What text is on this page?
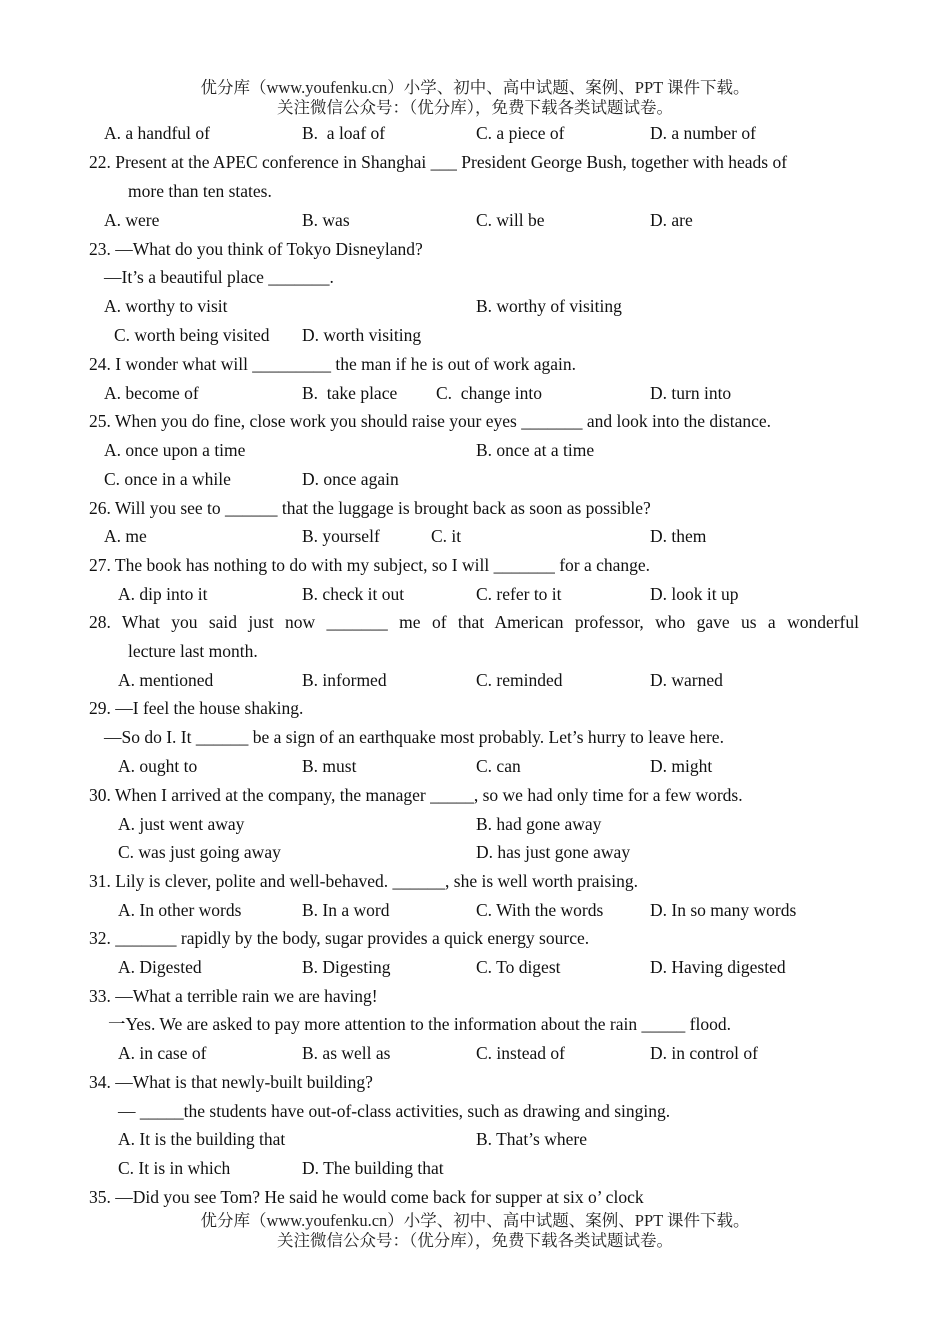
优分库（www.youfenku.cn）小学、初中、高中试题、案例、PPT 课件下载。
关注微信公众号：（优分库），免费下载各类试题试卷。
A. a handful of	B.  a loaf of	C. a piece of	D. a number of
22. Present at the APEC conference in Shanghai ___ President George Bush, together with heads of
more than ten states.
A. were	B. was	C. will be	D. are
23. —What do you think of Tokyo Disneyland?
—It’s a beautiful place _______.
A. worthy to visit	B. worthy of visiting
C. worth being visited D. worth visiting
24. I wonder what will _________ the man if he is out of work again.
A. become of	B.  take place C.  change into	D. turn into
25. When you do fine, close work you should raise your eyes _______ and look into the distance.
A. once upon a time	B. once at a time
C. once in a while	D. once again
26. Will you see to ______ that the luggage is brought back as soon as possible?
A. me	B. yourself	C. it	D. them
27. The book has nothing to do with my subject, so I will _______ for a change.
A. dip into it	B. check it out	C. refer to it	D. look it up
28. What you said just now _______ me of that American professor, who gave us a wonderful
lecture last month.
A. mentioned	B. informed	C. reminded	D. warned
29. —I feel the house shaking.
—So do I. It ______ be a sign of an earthquake most probably. Let’s hurry to leave here.
A. ought to	B. must	C. can	D. might
30. When I arrived at the company, the manager _____, so we had only time for a few words.
A. just went away	B. had gone away
C. was just going away	D. has just gone away
31. Lily is clever, polite and well-behaved. ______, she is well worth praising.
A. In other words	B. In a word	C. With the words	D. In so many words
32. _______ rapidly by the body, sugar provides a quick energy source.
A. Digested	B. Digesting	C. To digest	D. Having digested
33. —What a terrible rain we are having!
一Yes. We are asked to pay more attention to the information about the rain _____ flood.
A. in case of	B. as well as	C. instead of	D. in control of
34. —What is that newly-built building?
— _____the students have out-of-class activities, such as drawing and singing.
A. It is the building that	B. That’s where
C. It is in which	D. The building that
35. —Did you see Tom? He said he would come back for supper at six o’ clock
优分库（www.youfenku.cn）小学、初中、高中试题、案例、PPT 课件下载。
关注微信公众号：（优分库），免费下载各类试题试卷。
